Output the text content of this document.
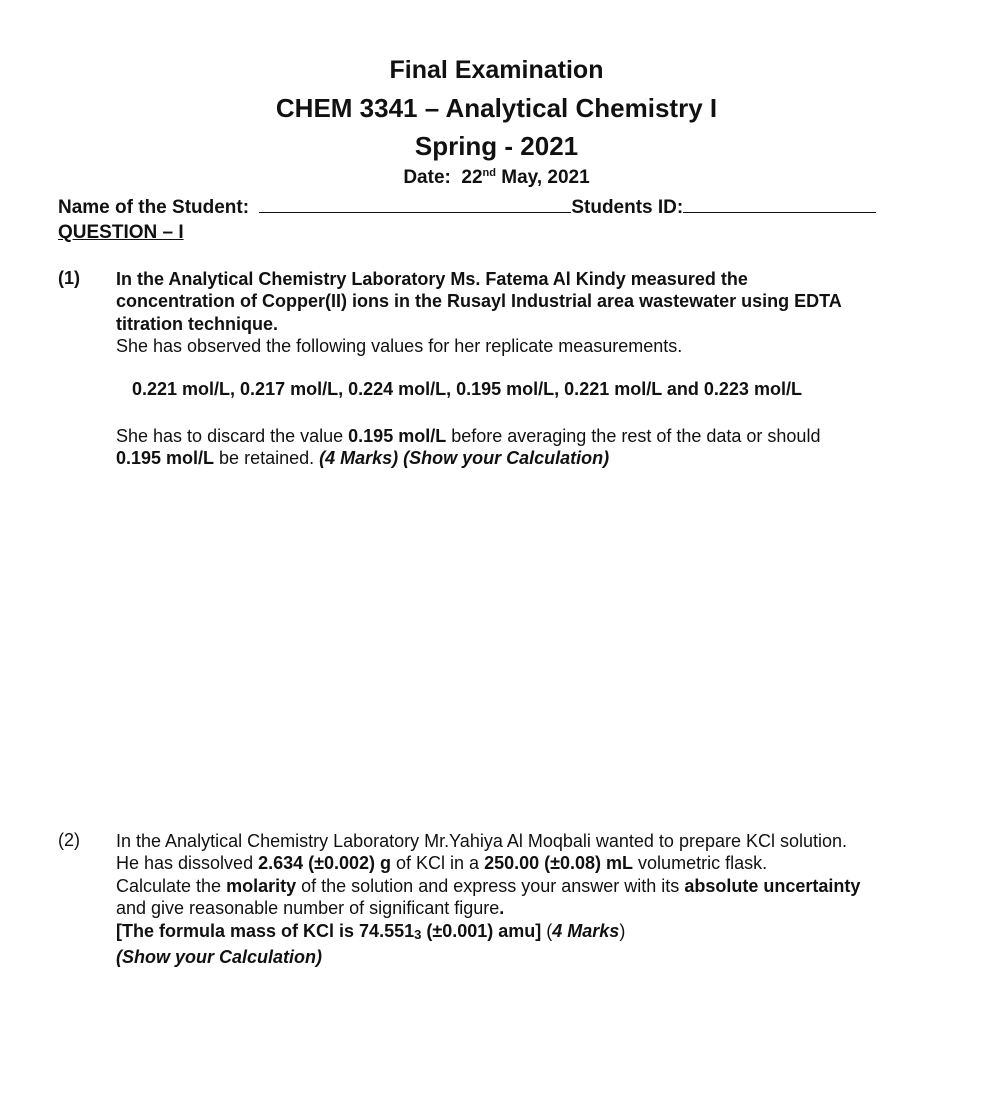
Final Examination
CHEM 3341 – Analytical Chemistry I
Spring - 2021
Date: 22nd May, 2021
Name of the Student:	Students ID:
QUESTION – I
(1) In the Analytical Chemistry Laboratory Ms. Fatema Al Kindy measured the
concentration of Copper(II) ions in the Rusayl Industrial area wastewater using EDTA
titration technique.
She has observed the following values for her replicate measurements.
0.221 mol/L, 0.217 mol/L, 0.224 mol/L, 0.195 mol/L, 0.221 mol/L and 0.223 mol/L
She has to discard the value 0.195 mol/L before averaging the rest of the data or should
0.195 mol/L be retained. (4 Marks) (Show your Calculation)
(2) In the Analytical Chemistry Laboratory Mr.Yahiya Al Moqbali wanted to prepare KCl solution.
He has dissolved 2.634 (±0.002) g of KCl in a 250.00 (±0.08) mL volumetric flask.
Calculate the molarity of the solution and express your answer with its absolute uncertainty
and give reasonable number of significant figure.
[The formula mass of KCl is 74.5513 (±0.001) amu] (4 Marks)
(Show your Calculation)
